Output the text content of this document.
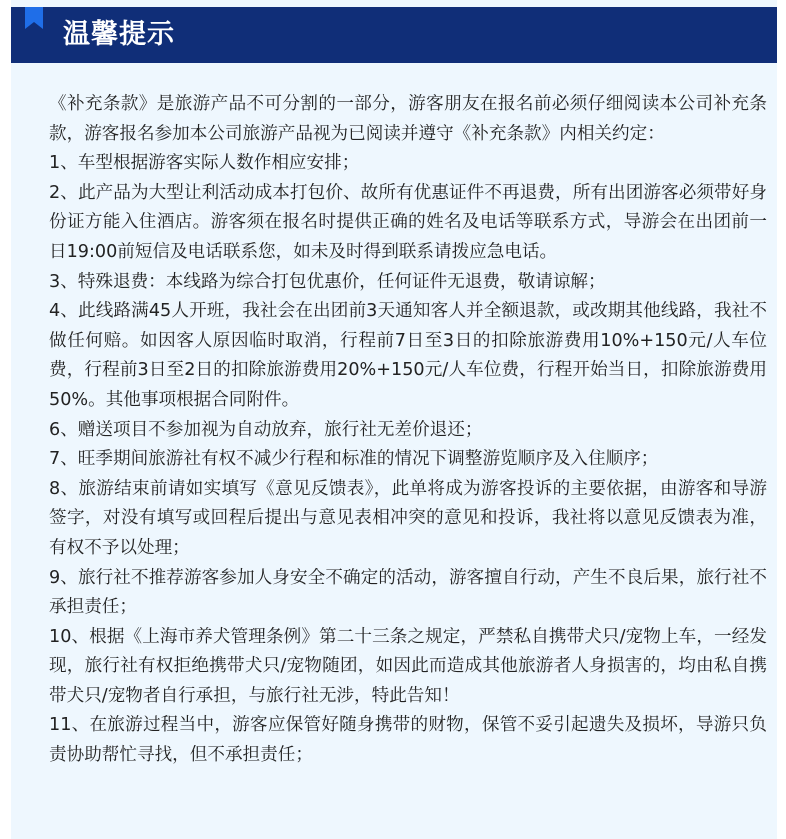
温馨提示

《补充条款》是旅游产品不可分割的一部分，游客朋友在报名前必须仔细阅读本公司补充条款，游客报名参加本公司旅游产品视为已阅读并遵守《补充条款》内相关约定：

1、车型根据游客实际人数作相应安排；

2、此产品为大型让利活动成本打包价、故所有优惠证件不再退费，所有出团游客必须带好身份证方能入住酒店。游客须在报名时提供正确的姓名及电话等联系方式，导游会在出团前一日19:00前短信及电话联系您，如未及时得到联系请拨应急电话。

3、特殊退费：本线路为综合打包优惠价，任何证件无退费，敬请谅解；

4、此线路满45人开班，我社会在出团前3天通知客人并全额退款，或改期其他线路，我社不做任何赔。如因客人原因临时取消，行程前7日至3日的扣除旅游费用10%+150元/人车位费，行程前3日至2日的扣除旅游费用20%+150元/人车位费，行程开始当日，扣除旅游费用50%。其他事项根据合同附件。

6、赠送项目不参加视为自动放弃，旅行社无差价退还；

7、旺季期间旅游社有权不减少行程和标准的情况下调整游览顺序及入住顺序；

8、旅游结束前请如实填写《意见反馈表》，此单将成为游客投诉的主要依据，由游客和导游签字，对没有填写或回程后提出与意见表相冲突的意见和投诉，我社将以意见反馈表为准，有权不予以处理；

9、旅行社不推荐游客参加人身安全不确定的活动，游客擅自行动，产生不良后果，旅行社不承担责任；

10、根据《上海市养犬管理条例》第二十三条之规定，严禁私自携带犬只/宠物上车，一经发现，旅行社有权拒绝携带犬只/宠物随团，如因此而造成其他旅游者人身损害的，均由私自携带犬只/宠物者自行承担，与旅行社无涉，特此告知！

11、在旅游过程当中，游客应保管好随身携带的财物，保管不妥引起遗失及损坏，导游只负责协助帮忙寻找，但不承担责任；
